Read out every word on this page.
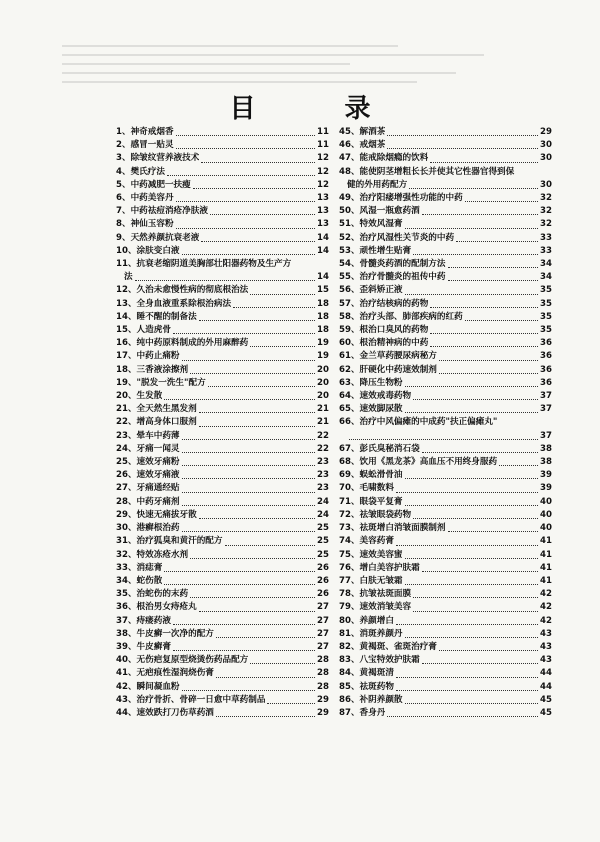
目 录
1、神奇戒烟香	11
2、感冒一贴灵	11
3、除皱纹营养液技术	12
4、樊氏疗法	12
5、中药减肥一扶瘦	12
6、中药美容丹	13
7、中药祛痘消疮净肤液	13
8、神仙玉容粉	13
9、天然养颜抗衰老液	14
10、涂肤变白液	14
11、抗衰老缩阴道美胸部壮阳器药物及生产方
法	14
12、久治未愈慢性病的彻底根治法	15
13、全身血液重系除根治病法	18
14、睡不醒的制备法	18
15、人造虎骨	18
16、纯中药原料制成的外用麻醉药	19
17、中药止痛粉	19
18、三香液涂擦剂	20
19、"脱发一洗生"配方	20
20、生发散	20
21、全天然生黑发剂	21
22、增高身体口服剂	21
23、晕车中药薄	22
24、牙痛一闻灵	22
25、速效牙痛粉	23
26、速效牙痛液	23
27、牙痛通经贴	23
28、中药牙痛剂	24
29、快速无痛拔牙散	24
30、港癣根治药	25
31、治疗狐臭和黄汗的配方	25
32、特效冻疮水剂	25
33、消痣膏	26
34、蛇伤散	26
35、治蛇伤的末药	26
36、根治男女痔疮丸	27
37、痔瘘药液	27
38、牛皮癣一次净的配方	27
39、牛皮癣膏	27
40、无伤疤复原型烧烫伤药品配方	28
41、无疤痕性湿润烧伤膏	28
42、瞬间凝血粉	28
43、治疗骨折、骨碎一日愈中草药制品	29
44、速效跌打刀伤草药酒	29
45、解酒茶	29
46、戒烟茶	30
47、能戒除烟瘾的饮料	30
48、能使阴茎增粗长长并使其它性器官得到保
健的外用药配方	30
49、治疗阳痿增强性功能的中药	32
50、风湿一瓶愈药酒	32
51、特效风湿膏	32
52、治疗风湿性关节炎的中药	33
53、顽性增生贴膏	33
54、骨髓炎药酒的配制方法	34
55、治疗骨髓炎的祖传中药	34
56、歪斜矫正液	35
57、治疗结核病的药物	35
58、治疗头部、肺部疾病的红药	35
59、根治口臭风的药物	35
60、根治精神病的中药	36
61、金兰草药腰尿病秘方	36
62、肝硬化中药速效制剂	36
63、降压生物粉	36
64、速效戒毒药物	37
65、速效脚尿散	37
66、治疗中风偏瘫的中成药"扶正偏瘫丸"
37
67、彭氏臭秘消石袋	38
68、饮用《黑龙茶》高血压不用终身服药	38
69、蜈蚣滑骨油	39
70、毛啸数料	39
71、眼袋平复膏	40
72、祛皱眼袋药物	40
73、祛斑增白消皱面膜制剂	40
74、美容药膏	41
75、速效美容蜜	41
76、增白美容护肤霜	41
77、白肤无皱霜	41
78、抗皱祛斑面膜	42
79、速效消皱美容	42
80、养颜增白	42
81、消斑养颜丹	43
82、黄褐斑、雀斑治疗膏	43
83、八宝特效护肤霜	43
84、黄褐斑清	44
85、祛斑药物	44
86、补阴养颜散	45
87、香身丹	45
